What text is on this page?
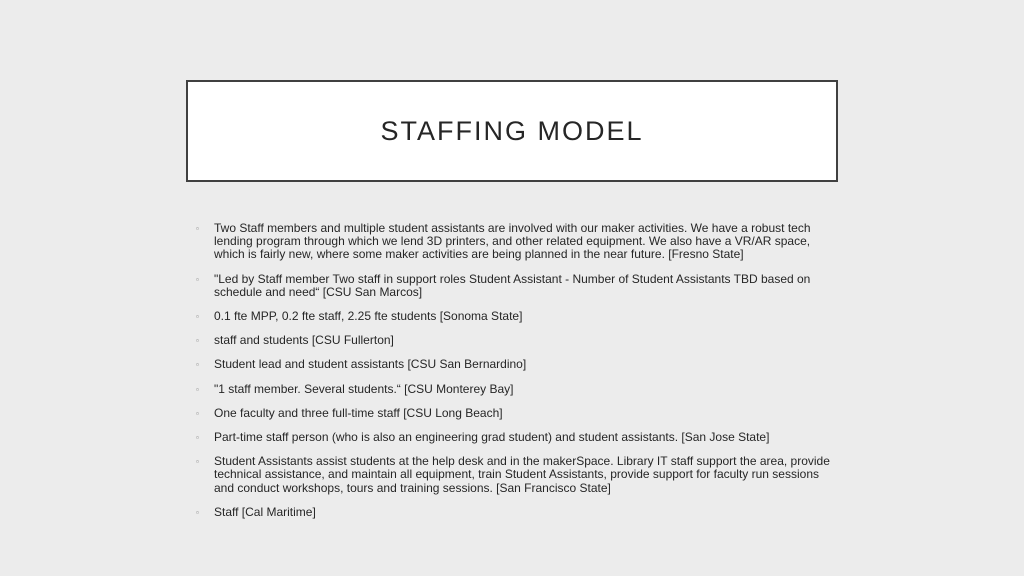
STAFFING MODEL
▫ Two Staff members and multiple student assistants are involved with our maker activities. We have a robust tech lending program through which we lend 3D printers, and other related equipment. We also have a VR/AR space, which is fairly new, where some maker activities are being planned in the near future. [Fresno State]
▫ "Led by Staff member Two staff in support roles Student Assistant - Number of Student Assistants TBD based on schedule and need“ [CSU San Marcos]
▫ 0.1 fte MPP, 0.2 fte staff, 2.25 fte students [Sonoma State]
▫ staff and students [CSU Fullerton]
▫ Student lead and student assistants [CSU San Bernardino]
▫ "1 staff member. Several students.“ [CSU Monterey Bay]
▫ One faculty and three full-time staff [CSU Long Beach]
▫ Part-time staff person (who is also an engineering grad student) and student assistants. [San Jose State]
▫ Student Assistants assist students at the help desk and in the makerSpace. Library IT staff support the area, provide technical assistance, and maintain all equipment, train Student Assistants, provide support for faculty run sessions and conduct workshops, tours and training sessions. [San Francisco State]
▫ Staff [Cal Maritime]
